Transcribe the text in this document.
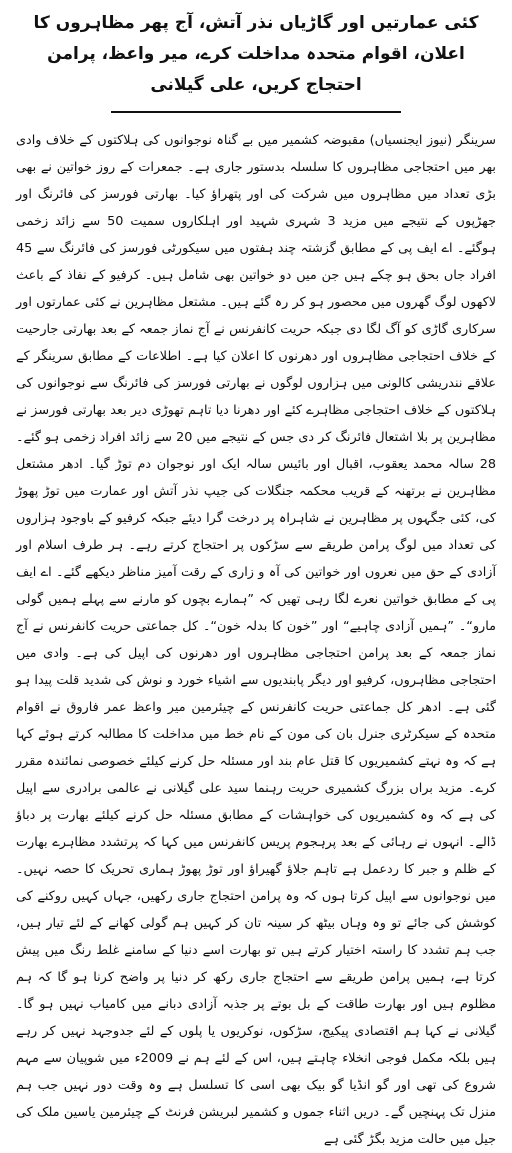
کئی عمارتیں اور گاڑیاں نذر آتش، آج پھر مظاہروں کا اعلان، اقوام متحدہ مداخلت کرے، میر واعظ، پرامن احتجاج کریں، علی گیلانی

سرینگر (نیوز ایجنسیاں) مقبوضہ کشمیر میں بے گناہ نوجوانوں کی ہلاکتوں کے خلاف وادی بھر میں احتجاجی مظاہروں کا سلسلہ بدستور جاری ہے۔ جمعرات کے روز خواتین نے بھی بڑی تعداد میں مظاہروں میں شرکت کی اور پتھراؤ کیا۔ بھارتی فورسز کی فائرنگ اور جھڑپوں کے نتیجے میں مزید 3 شہری شہید اور اہلکاروں سمیت 50 سے زائد زخمی ہوگئے۔ اے ایف پی کے مطابق گزشتہ چند ہفتوں میں سیکورٹی فورسز کی فائرنگ سے 45 افراد جاں بحق ہو چکے ہیں جن میں دو خواتین بھی شامل ہیں۔ کرفیو کے نفاذ کے باعث لاکھوں لوگ گھروں میں محصور ہو کر رہ گئے ہیں۔ مشتعل مظاہرین نے کئی عمارتوں اور سرکاری گاڑی کو آگ لگا دی جبکہ حریت کانفرنس نے آج نماز جمعہ کے بعد بھارتی جارحیت کے خلاف احتجاجی مظاہروں اور دھرنوں کا اعلان کیا ہے۔ اطلاعات کے مطابق سرینگر کے علاقے نندریشی کالونی میں ہزاروں لوگوں نے بھارتی فورسز کی فائرنگ سے نوجوانوں کی ہلاکتوں کے خلاف احتجاجی مظاہرے کئے اور دھرنا دیا تاہم تھوڑی دیر بعد بھارتی فورسز نے مظاہرین پر بلا اشتعال فائرنگ کر دی جس کے نتیجے میں 20 سے زائد افراد زخمی ہو گئے۔ 28 سالہ محمد یعقوب، اقبال اور بائیس سالہ ایک اور نوجوان دم توڑ گیا۔ ادھر مشتعل مظاہرین نے برتھنہ کے قریب محکمہ جنگلات کی جیپ نذر آتش اور عمارت میں توڑ پھوڑ کی، کئی جگہوں پر مظاہرین نے شاہراہ پر درخت گرا دیئے جبکہ کرفیو کے باوجود ہزاروں کی تعداد میں لوگ پرامن طریقے سے سڑکوں پر احتجاج کرتے رہے۔ ہر طرف اسلام اور آزادی کے حق میں نعروں اور خواتین کی آہ و زاری کے رقت آمیز مناظر دیکھے گئے۔ اے ایف پی کے مطابق خواتین نعرے لگا رہی تھیں کہ ”ہمارے بچوں کو مارنے سے پہلے ہمیں گولی مارو“۔ ”ہمیں آزادی چاہیے“ اور ”خون کا بدلہ خون“۔ کل جماعتی حریت کانفرنس نے آج نماز جمعہ کے بعد پرامن احتجاجی مظاہروں اور دھرنوں کی اپیل کی ہے۔ وادی میں احتجاجی مظاہروں، کرفیو اور دیگر پابندیوں سے اشیاء خورد و نوش کی شدید قلت پیدا ہو گئی ہے۔ ادھر کل جماعتی حریت کانفرنس کے چیئرمین میر واعظ عمر فاروق نے اقوام متحدہ کے سیکرٹری جنرل بان کی مون کے نام خط میں مداخلت کا مطالبہ کرتے ہوئے کہا ہے کہ وہ نہتے کشمیریوں کا قتل عام بند اور مسئلہ حل کرنے کیلئے خصوصی نمائندہ مقرر کرے۔ مزید براں بزرگ کشمیری حریت رہنما سید علی گیلانی نے عالمی برادری سے اپیل کی ہے کہ وہ کشمیریوں کی خواہشات کے مطابق مسئلہ حل کرنے کیلئے بھارت پر دباؤ ڈالے۔ انہوں نے رہائی کے بعد پرہجوم پریس کانفرنس میں کہا کہ پرتشدد مظاہرے بھارت کے ظلم و جبر کا ردعمل ہے تاہم جلاؤ گھیراؤ اور توڑ پھوڑ ہماری تحریک کا حصہ نہیں۔ میں نوجوانوں سے اپیل کرتا ہوں کہ وہ پرامن احتجاج جاری رکھیں، جہاں کہیں روکنے کی کوشش کی جائے تو وہ وہاں بیٹھ کر سینہ تان کر کہیں ہم گولی کھانے کے لئے تیار ہیں، جب ہم تشدد کا راستہ اختیار کرتے ہیں تو بھارت اسے دنیا کے سامنے غلط رنگ میں پیش کرتا ہے، ہمیں پرامن طریقے سے احتجاج جاری رکھ کر دنیا پر واضح کرنا ہو گا کہ ہم مظلوم ہیں اور بھارت طاقت کے بل بوتے پر جذبہ آزادی دبانے میں کامیاب نہیں ہو گا۔ گیلانی نے کہا ہم اقتصادی پیکیج، سڑکوں، نوکریوں یا پلوں کے لئے جدوجہد نہیں کر رہے ہیں بلکہ مکمل فوجی انخلاء چاہتے ہیں، اس کے لئے ہم نے 2009ء میں شوپیان سے مہم شروع کی تھی اور گو انڈیا گو بیک بھی اسی کا تسلسل ہے وہ وقت دور نہیں جب ہم منزل تک پہنچیں گے۔ دریں اثناء جموں و کشمیر لبریشن فرنٹ کے چیئرمین یاسین ملک کی جیل میں حالت مزید بگڑ گئی ہے
